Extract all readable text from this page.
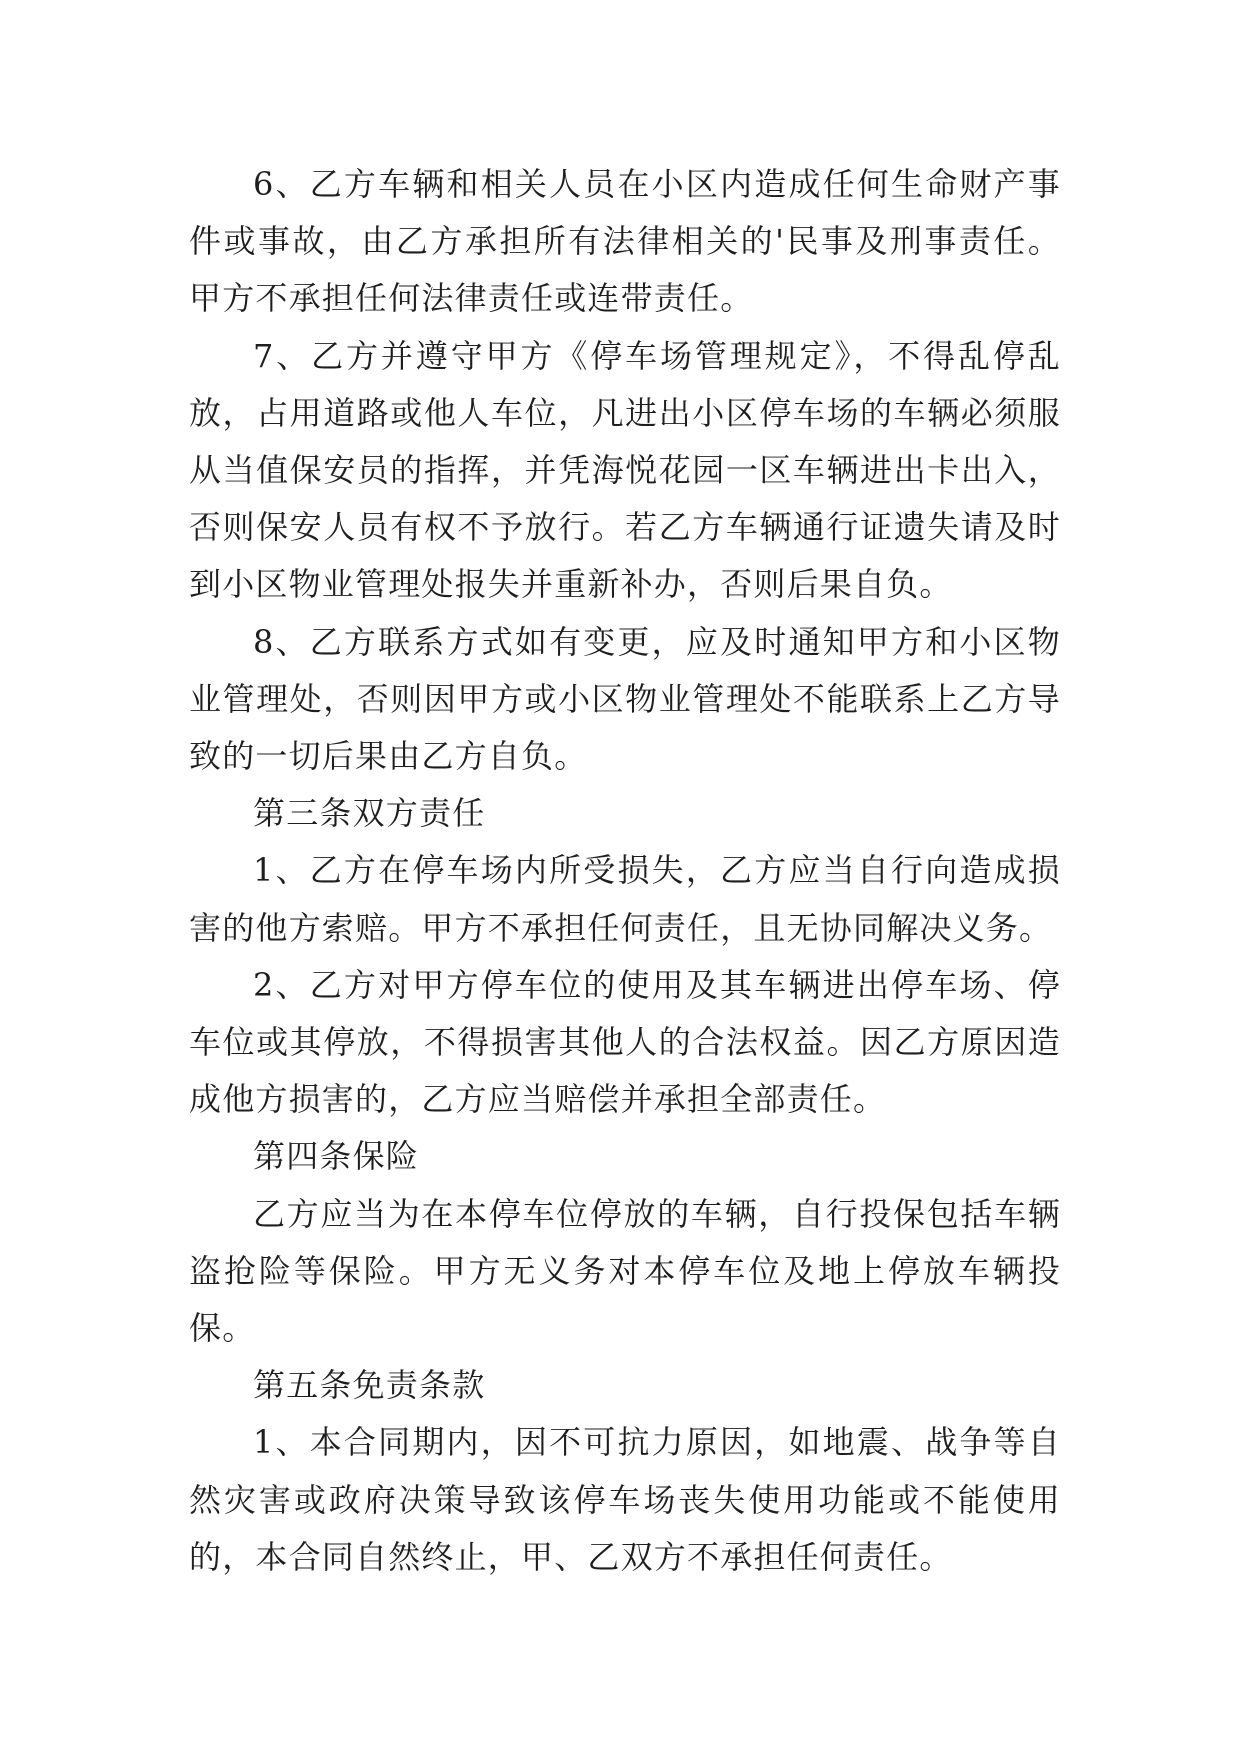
6、乙方车辆和相关人员在小区内造成任何生命财产事件或事故，由乙方承担所有法律相关的'民事及刑事责任。甲方不承担任何法律责任或连带责任。

7、乙方并遵守甲方《停车场管理规定》，不得乱停乱放，占用道路或他人车位，凡进出小区停车场的车辆必须服从当值保安员的指挥，并凭海悦花园一区车辆进出卡出入，否则保安人员有权不予放行。若乙方车辆通行证遗失请及时到小区物业管理处报失并重新补办，否则后果自负。

8、乙方联系方式如有变更，应及时通知甲方和小区物业管理处，否则因甲方或小区物业管理处不能联系上乙方导致的一切后果由乙方自负。

第三条双方责任

1、乙方在停车场内所受损失，乙方应当自行向造成损害的他方索赔。甲方不承担任何责任，且无协同解决义务。

2、乙方对甲方停车位的使用及其车辆进出停车场、停车位或其停放，不得损害其他人的合法权益。因乙方原因造成他方损害的，乙方应当赔偿并承担全部责任。

第四条保险

乙方应当为在本停车位停放的车辆，自行投保包括车辆盗抢险等保险。甲方无义务对本停车位及地上停放车辆投保。

第五条免责条款

1、本合同期内，因不可抗力原因，如地震、战争等自然灾害或政府决策导致该停车场丧失使用功能或不能使用的，本合同自然终止，甲、乙双方不承担任何责任。
